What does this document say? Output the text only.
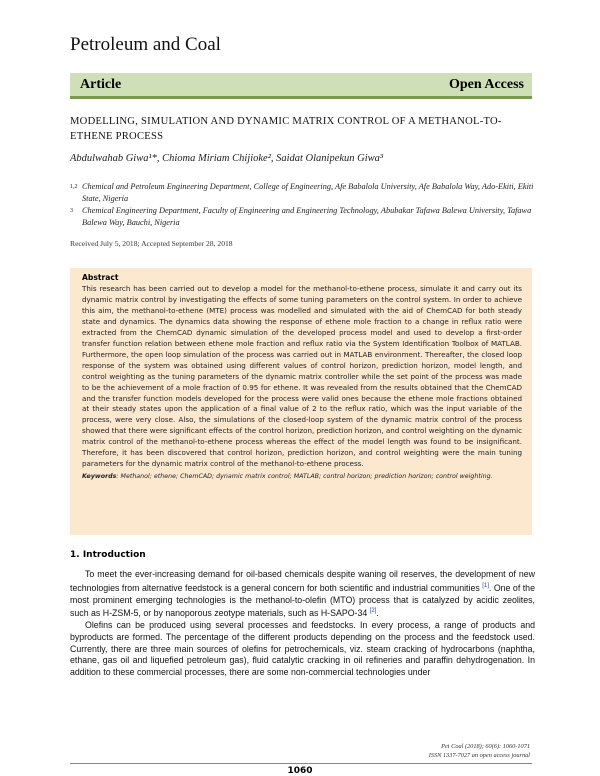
Petroleum and Coal
Article	Open Access
MODELLING, SIMULATION AND DYNAMIC MATRIX CONTROL OF A METHANOL-TO-ETHENE PROCESS
Abdulwahab Giwa¹*, Chioma Miriam Chijioke², Saidat Olanipekun Giwa³
1,2 Chemical and Petroleum Engineering Department, College of Engineering, Afe Babalola University, Afe Babalola Way, Ado-Ekiti, Ekiti State, Nigeria
3	Chemical Engineering Department, Faculty of Engineering and Engineering Technology, Abubakar Tafawa Balewa University, Tafawa Balewa Way, Bauchi, Nigeria
Received July 5, 2018; Accepted September 28, 2018
Abstract
This research has been carried out to develop a model for the methanol-to-ethene process, simulate it and carry out its dynamic matrix control by investigating the effects of some tuning parameters on the control system. In order to achieve this aim, the methanol-to-ethene (MTE) process was modelled and simulated with the aid of ChemCAD for both steady state and dynamics. The dynamics data showing the response of ethene mole fraction to a change in reflux ratio were extracted from the ChemCAD dynamic simulation of the developed process model and used to develop a first-order transfer function relation between ethene mole fraction and reflux ratio via the System Identification Toolbox of MATLAB. Furthermore, the open loop simulation of the process was carried out in MATLAB environment. Thereafter, the closed loop response of the system was obtained using different values of control horizon, prediction horizon, model length, and control weighting as the tuning parameters of the dynamic matrix controller while the set point of the process was made to be the achievement of a mole fraction of 0.95 for ethene. It was revealed from the results obtained that the ChemCAD and the transfer function models developed for the process were valid ones because the ethene mole fractions obtained at their steady states upon the application of a final value of 2 to the reflux ratio, which was the input variable of the process, were very close. Also, the simulations of the closed-loop system of the dynamic matrix control of the process showed that there were significant effects of the control horizon, prediction horizon, and control weighting on the dynamic matrix control of the methanol-to-ethene process whereas the effect of the model length was found to be insignificant. Therefore, it has been discovered that control horizon, prediction horizon, and control weighting were the main tuning parameters for the dynamic matrix control of the methanol-to-ethene process.
Keywords: Methanol; ethene; ChemCAD; dynamic matrix control; MATLAB; control horizon; prediction horizon; control weighting.
1. Introduction

To meet the ever-increasing demand for oil-based chemicals despite waning oil reserves, the development of new technologies from alternative feedstock is a general concern for both scientific and industrial communities [1]. One of the most prominent emerging technologies is the methanol-to-olefin (MTO) process that is catalyzed by acidic zeolites, such as H-ZSM-5, or by nanoporous zeotype materials, such as H-SAPO-34 [2].

Olefins can be produced using several processes and feedstocks. In every process, a range of products and byproducts are formed. The percentage of the different products depending on the process and the feedstock used. Currently, there are three main sources of olefins for petrochemicals, viz. steam cracking of hydrocarbons (naphtha, ethane, gas oil and liquefied petroleum gas), fluid catalytic cracking in oil refineries and paraffin dehydrogenation. In addition to these commercial processes, there are some non-commercial technologies under

Pet Coal (2018); 60(6): 1060-1071
ISSN 1337-7027 an open access journal
1060
